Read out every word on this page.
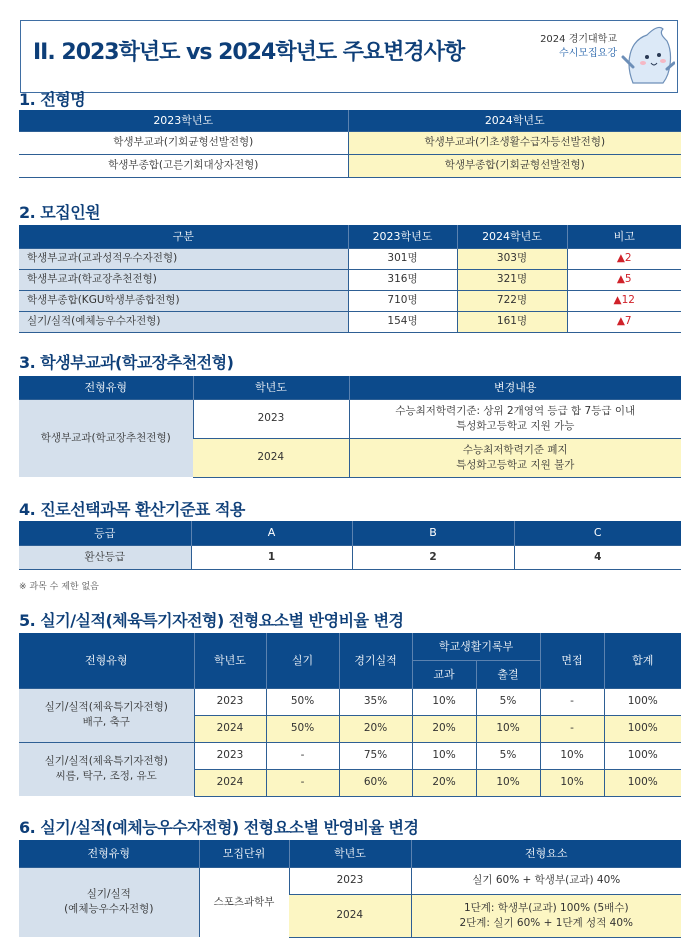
II. 2023학년도 vs 2024학년도 주요변경사항
2024 경기대학교
수시모집요강
1. 전형명
2023학년도	2024학년도
학생부교과(기회균형선발전형)	학생부교과(기초생활수급자등선발전형)
학생부종합(고른기회대상자전형)	학생부종합(기회균형선발전형)
2. 모집인원
구분	2023학년도	2024학년도	비고
학생부교과(교과성적우수자전형)	301명	303명	▲2
학생부교과(학교장추천전형)	316명	321명	▲5
학생부종합(KGU학생부종합전형)	710명	722명	▲12
실기/실적(예체능우수자전형)	154명	161명	▲7
3. 학생부교과(학교장추천전형)
전형유형	학년도	변경내용
학생부교과(학교장추천전형)	2023	수능최저학력기준: 상위 2개영역 등급 합 7등급 이내
특성화고등학교 지원 가능

	2024	수능최저학력기준 폐지
특성화고등학교 지원 불가
4. 진로선택과목 환산기준표 적용
등급	A	B	C
환산등급	1	2	4
※ 과목 수 제한 없음
5. 실기/실적(체육특기자전형) 전형요소별 반영비율 변경
전형유형	학년도	실기	경기실적	학교생활기록부		면접	합계
				교과	출결		

실기/실적(체육특기자전형)
배구, 축구	2023	50%	35%	10%	5%	-	100%
	2024	50%	20%	20%	10%	-	100%

실기/실적(체육특기자전형)
씨름, 탁구, 조정, 유도	2023	-	75%	10%	5%	10%	100%
	2024	-	60%	20%	10%	10%	100%
6. 실기/실적(예체능우수자전형) 전형요소별 반영비율 변경
전형유형	모집단위	학년도	전형요소

실기/실적
(예체능우수자전형)	스포츠과학부	2023	실기 60% + 학생부(교과) 40%
		2024	1단계: 학생부(교과) 100% (5배수)
2단계: 실기 60% + 1단계 성적 40%
